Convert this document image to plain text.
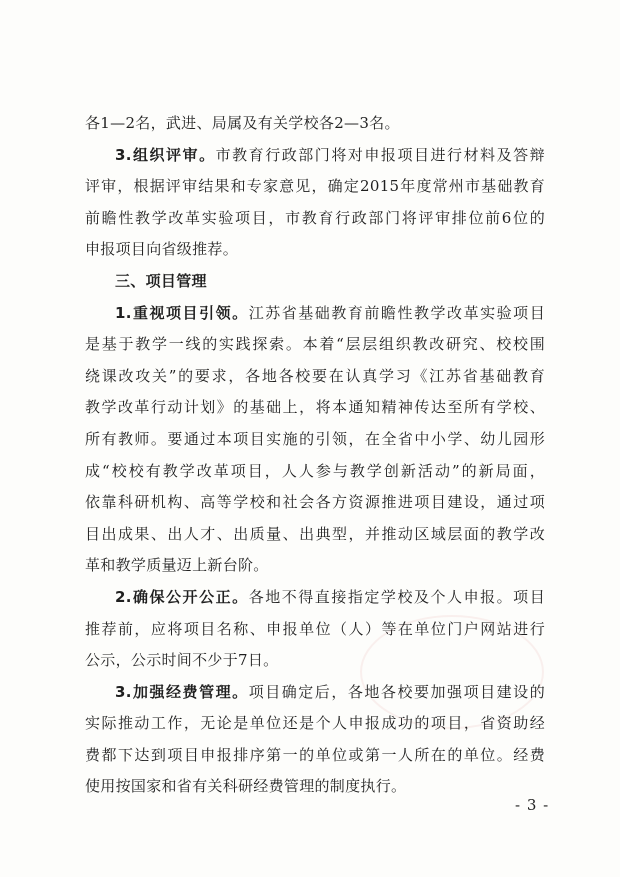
各1—2名，武进、局属及有关学校各2—3名。
3.组织评审。市教育行政部门将对申报项目进行材料及答辩
评审，根据评审结果和专家意见，确定2015年度常州市基础教育
前瞻性教学改革实验项目，市教育行政部门将评审排位前6位的
申报项目向省级推荐。
三、项目管理
1.重视项目引领。江苏省基础教育前瞻性教学改革实验项目
是基于教学一线的实践探索。本着“层层组织教改研究、校校围
绕课改攻关”的要求，各地各校要在认真学习《江苏省基础教育
教学改革行动计划》的基础上，将本通知精神传达至所有学校、
所有教师。要通过本项目实施的引领，在全省中小学、幼儿园形
成“校校有教学改革项目，人人参与教学创新活动”的新局面，
依靠科研机构、高等学校和社会各方资源推进项目建设，通过项
目出成果、出人才、出质量、出典型，并推动区域层面的教学改
革和教学质量迈上新台阶。
2.确保公开公正。各地不得直接指定学校及个人申报。项目
推荐前，应将项目名称、申报单位（人）等在单位门户网站进行
公示，公示时间不少于7日。
3.加强经费管理。项目确定后，各地各校要加强项目建设的
实际推动工作，无论是单位还是个人申报成功的项目，省资助经
费都下达到项目申报排序第一的单位或第一人所在的单位。经费
使用按国家和省有关科研经费管理的制度执行。
- 3 -
